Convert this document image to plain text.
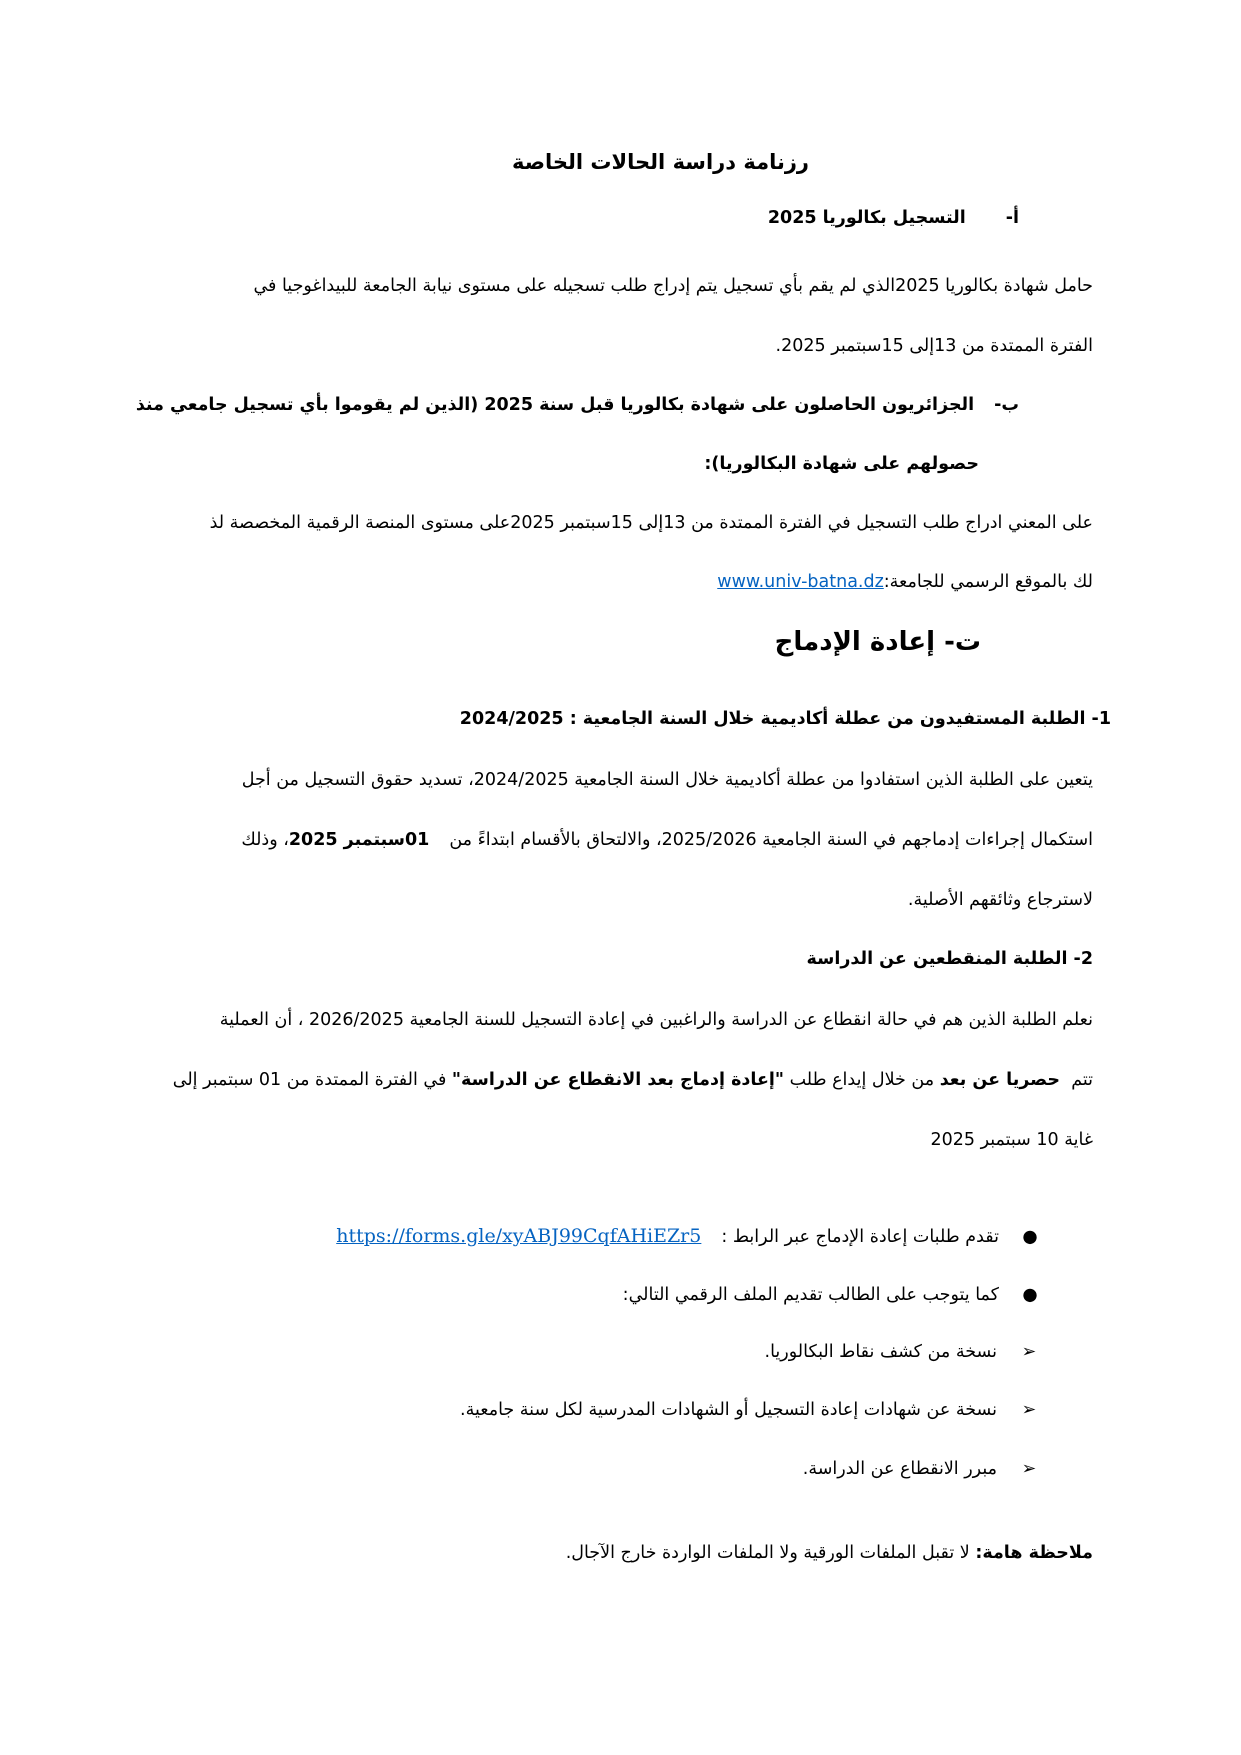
رزنامة دراسة الحالات الخاصة
أ-التسجيل بكالوريا 2025
حامل شهادة بكالوريا 2025الذي لم يقم بأي تسجيل يتم إدراج طلب تسجيله على مستوى نيابة الجامعة للبيداغوجيا في
الفترة الممتدة من 13إلى 15سبتمبر 2025.
ب-الجزائريون الحاصلون على شهادة بكالوريا قبل سنة 2025 (الذين لم يقوموا بأي تسجيل جامعي منذ
حصولهم على شهادة البكالوريا):
على المعني ادراج طلب التسجيل في الفترة الممتدة من 13إلى 15سبتمبر 2025على مستوى المنصة الرقمية المخصصة لذ
لك بالموقع الرسمي للجامعة:www.univ-batna.dz
ت- إعادة الإدماج
1- الطلبة المستفيدون من عطلة أكاديمية خلال السنة الجامعية : 2024/2025
يتعين على الطلبة الذين استفادوا من عطلة أكاديمية خلال السنة الجامعية 2024/2025، تسديد حقوق التسجيل من أجل
استكمال إجراءات إدماجهم في السنة الجامعية 2025/2026، والالتحاق بالأقسام ابتداءً من01سبتمبر 2025، وذلك
لاسترجاع وثائقهم الأصلية.
2- الطلبة المنقطعين عن الدراسة
نعلم الطلبة الذين هم في حالة انقطاع عن الدراسة والراغبين في إعادة التسجيل للسنة الجامعية 2026/2025 ، أن العملية
تتم  حصريا عن بعد من خلال إيداع طلب "إعادة إدماج بعد الانقطاع عن الدراسة" في الفترة الممتدة من 01 سبتمبر إلى
غاية 10 سبتمبر 2025
●تقدم طلبات إعادة الإدماج عبر الرابط :https://forms.gle/xyABJ99CqfAHiEZr5
●كما يتوجب على الطالب تقديم الملف الرقمي التالي:
➢نسخة من كشف نقاط البكالوريا.
➢نسخة عن شهادات إعادة التسجيل أو الشهادات المدرسية لكل سنة جامعية.
➢مبرر الانقطاع عن الدراسة.
ملاحظة هامة: لا تقبل الملفات الورقية ولا الملفات الواردة خارج الآجال.
